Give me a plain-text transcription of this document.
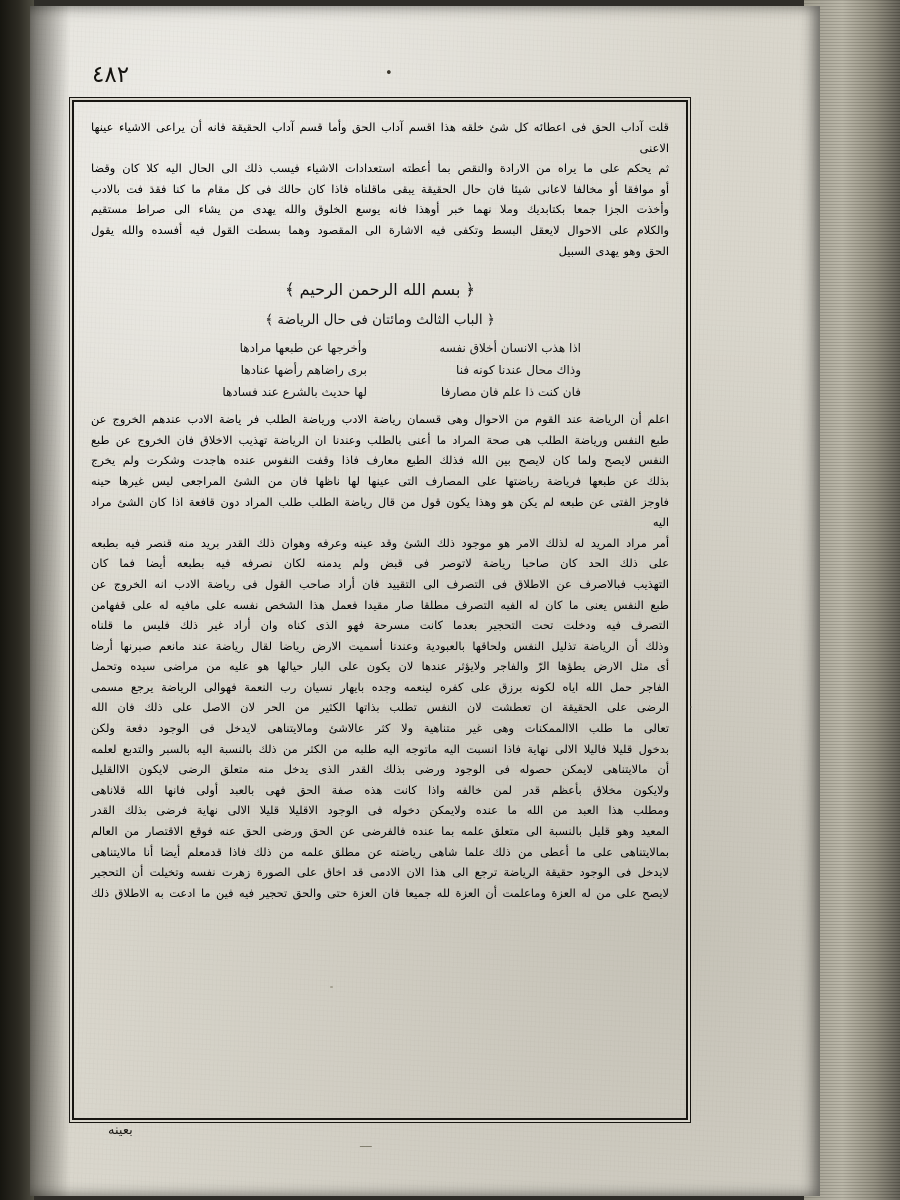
•
٤٨٢

قلت آداب الحق فى اعطائه كل شئ خلقه هذا اقسم آداب الحق وأما قسم آداب الحقيقة فانه أن يراعى الاشياء عينها الاعنى

ثم يحكم على ما يراه من الارادة والنقص بما أعطته استعدادات الاشياء فيسب ذلك الى الحال اليه كلا كان وقضا

أو موافقا أو مخالفا لاعانى شيئا فان حال الحقيقة يبقى ماقلناه فاذا كان حالك فى كل مقام ما كنا فقد فت بالادب

وأخذت الجزا جمعا بكتابديك وملا نهما خبر أوهذا فانه يوسع الخلوق والله يهدى من يشاء الى صراط مستقيم

والكلام على الاحوال لايعقل البسط وتكفى فيه الاشارة الى المقصود وهما بسطت القول فيه أفسده والله يقول

الحق وهو يهدى السبيل

﴿ بسم الله الرحمن الرحيم ﴾
﴿ الباب الثالث ومائتان فى حال الرياضة ﴾
اذا هذب الانسان أخلاق نفسه
وأخرجها عن طبعها مرادها
وذاك محال عندنا كونه فنا
برى راضاهم رأضها عنادها
فان كنت ذا علم فان مصارفا
لها حديث بالشرع عند فسادها

اعلم أن الرياضة عند القوم من الاحوال وهى قسمان رياضة الادب ورياضة الطلب فر ياضة الادب عندهم الخروج عن

طبع النفس ورياضة الطلب هى صحة المراد ما أعنى بالطلب وعندنا ان الرياضة تهذيب الاخلاق فان الخروج عن طبع

النفس لايصح ولما كان لايصح بين الله فذلك الطبع معارف فاذا وقفت النفوس عنده هاجدت وشكرت ولم يخرج

بذلك عن طبعها فرياضة رياضتها على المصارف التى عينها لها ناظها فان من الشئ المراجعى ليس غيرها حينه

فاوجز الفتى عن طبعه لم يكن هو وهذا يكون قول من قال رياضة الطلب طلب المراد دون قافعة اذا كان الشئ مراد اليه

أمر مراد المريد له لذلك الامر هو موجود ذلك الشئ وقد عينه وعرفه وهوان ذلك القدر بريد منه قنصر فيه بطبعه

على ذلك الحد كان صاحبا رياضة لاتوصر فى قبض ولم يدمنه لكان نصرفه فيه بطبعه أيضا فما كان

التهذيب فبالاصرف عن الاطلاق فى التصرف الى التقييد فان أراد صاحب القول فى رياضة الادب انه الخروج عن

طبع النفس يعنى ما كان له الفيه التصرف مطلقا صار مقيدا فعمل هذا الشخص نفسه على مافيه له على قفهامن

التصرف فيه ودخلت تحت التحجير بعدما كانت مسرحة فهو الذى كناه وان أراد غير ذلك فليس ما قلناه

وذلك أن الرياضة تذليل النفس ولحاقها بالعبودية وعندنا أسميت الارض رياضا لقال رياضة عند مانعم صبرنها أرضا

أى مثل الارض يطؤها الرّ والفاجر ولايؤثر عندها لان يكون على البار حيالها هو عليه من مراضى سيده وتحمل

الفاجر حمل الله اياه لكونه برزق على كفره لينعمه وجده بايهار نسيان رب النعمة فهوالى الرياضة يرجع مسمى

الرضى على الحقيقة ان تعطشت لان النفس تطلب بذاتها الكثير من الحر لان الاصل على ذلك فان الله

تعالى ما طلب الاالممكنات وهى غير متناهية ولا كثر عالاشئ ومالايتناهى لايدخل فى الوجود دفعة ولكن

بدخول قليلا فاليلا الالى نهاية فاذا انسبت اليه ماتوجه اليه طلبه من الكثر من ذلك بالنسبة اليه بالسبر والتدبع لعلمه

أن مالايتناهى لايمكن حصوله فى الوجود ورضى بذلك القدر الذى يدخل منه متعلق الرضى لايكون الاالقليل

ولايكون مخلاق بأعظم قدر لمن خالفه واذا كانت هذه صفة الحق فهى بالعبد أولى فانها الله قلاناهى

ومطلب هذا العبد من الله ما عنده ولايمكن دخوله فى الوجود الاقليلا قليلا الالى نهاية فرضى بذلك القدر

المعيد وهو قليل بالنسبة الى متعلق علمه بما عنده فالفرضى عن الحق ورضى الحق عنه فوقع الاقتصار من العالم

بمالايتناهى على ما أعطى من ذلك علما شاهى رياضته عن مطلق علمه من ذلك فاذا قدمعلم أيضا أنا مالايتناهى

لايدخل فى الوجود حقيقة الرياضة ترجع الى هذا الان الادمى قد اخاق على الصورة زهرت نفسه وتخيلت أن التحجير

لايصح على من له العزة وماعلمت أن العزة لله جميعا فان العزة حتى والحق تحجير فيه فين ما ادعت به الاطلاق ذلك

بعينه
ــــ
